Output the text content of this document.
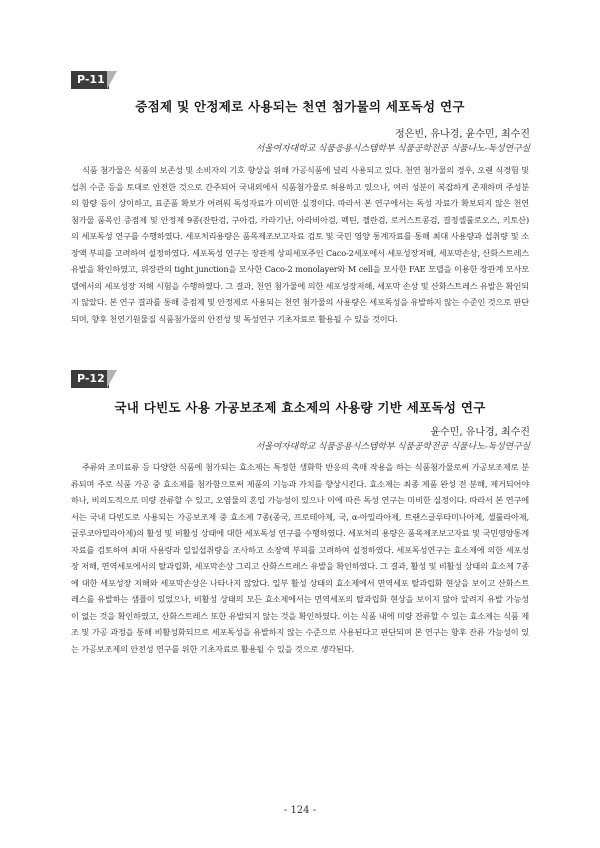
P-11
증점제 및 안정제로 사용되는 천연 첨가물의 세포독성 연구
정은빈, 유나경, 윤수민, 최수진
서울여자대학교 식품응용시스템학부 식품공학전공 식품나노-독성연구실
식품 첨가물은 식품의 보존성 및 소비자의 기호 향상을 위해 가공식품에 널리 사용되고 있다. 천연 첨가물의 경우, 오랜 식경험 및 섭취 수준 등을 토대로 안전한 것으로 간주되어 국내외에서 식품첨가물로 허용하고 있으나, 여러 성분이 복잡하게 존재하며 주성분의 함량 등이 상이하고, 표준품 확보가 어려워 독성자료가 미비한 실정이다. 따라서 본 연구에서는 독성 자료가 확보되지 않은 천연 첨가물 품목인 증점제 및 안정제 9종(잔탄검, 구아검, 카라기난, 아라비아검, 펙틴, 젤란검, 로커스트콩검, 결정셀룰로오스, 키토산)의 세포독성 연구를 수행하였다. 세포처리용량은 품목제조보고자료 검토 및 국민 영양 통계자료를 통해 최대 사용량과 섭취량 및 소장액 부피를 고려하여 설정하였다. 세포독성 연구는 장관계 상피세포주인 Caco-2세포에서 세포성장저해, 세포막손상, 산화스트레스 유발을 확인하였고, 위장관의 tight junction을 모사한 Caco-2 monolayer와 M cell을 모사한 FAE 모델을 이용한 장관계 모사모델에서의 세포성장 저해 시험을 수행하였다. 그 결과, 천연 첨가물에 의한 세포성장저해, 세포막 손상 및 산화스트레스 유발은 확인되지 않았다. 본 연구 결과를 통해 증점제 및 안정제로 사용되는 천연 첨가물의 사용량은 세포독성을 유발하지 않는 수준인 것으로 판단되며, 향후 천연기원물질 식품첨가물의 안전성 및 독성연구 기초자료로 활용될 수 있을 것이다.
P-12
국내 다빈도 사용 가공보조제 효소제의 사용량 기반 세포독성 연구
윤수민, 유나경, 최수진
서울여자대학교 식품응용시스템학부 식품공학전공 식품나노-독성연구실
주류와 조미료류 등 다양한 식품에 첨가되는 효소제는 특정한 생화학 반응의 촉매 작용을 하는 식품첨가물로써 가공보조제로 분류되며 주로 식품 가공 중 효소제를 첨가함으로써 제품의 기능과 가치를 향상시킨다. 효소제는 최종 제품 완성 전 분해, 제거되어야 하나, 비의도적으로 미량 잔류할 수 있고, 오염물의 혼입 가능성이 있으나 이에 따른 독성 연구는 미비한 실정이다. 따라서 본 연구에서는 국내 다빈도로 사용되는 가공보조제 중 효소제 7종(종국, 프로테아제, 국, α-아밀라아제, 트랜스글루타미나아제, 셀룰라아제, 글루코아밀라아제)의 활성 및 비활성 상태에 대한 세포독성 연구를 수행하였다. 세포처리 용량은 품목제조보고자료 및 국민영양통계자료를 검토하여 최대 사용량과 일일섭취량을 조사하고 소장액 부피를 고려하여 설정하였다. 세포독성연구는 효소제에 의한 세포성장 저해, 면역세포에서의 탈과립화, 세포막손상 그리고 산화스트레스 유발을 확인하였다. 그 결과, 활성 및 비활성 상태의 효소제 7종에 대한 세포성장 저해와 세포막손상은 나타나지 않았다. 일부 활성 상태의 효소제에서 면역세포 탈과립화 현상을 보이고 산화스트레스를 유발하는 샘플이 있었으나, 비활성 상태의 모든 효소제에서는 면역세포의 탈과립화 현상을 보이지 않아 알려지 유발 가능성이 없는 것을 확인하였고, 산화스트레스 또한 유발되지 않는 것을 확인하였다. 이는 식품 내에 미량 잔류할 수 있는 효소제는 식품 제조 및 가공 과정을 통해 비활성화되므로 세포독성을 유발하지 않는 수준으로 사용된다고 판단되며 본 연구는 향후 잔류 가능성이 있는 가공보조제의 안전성 연구를 위한 기초자료로 활용될 수 있을 것으로 생각된다.
- 124 -
